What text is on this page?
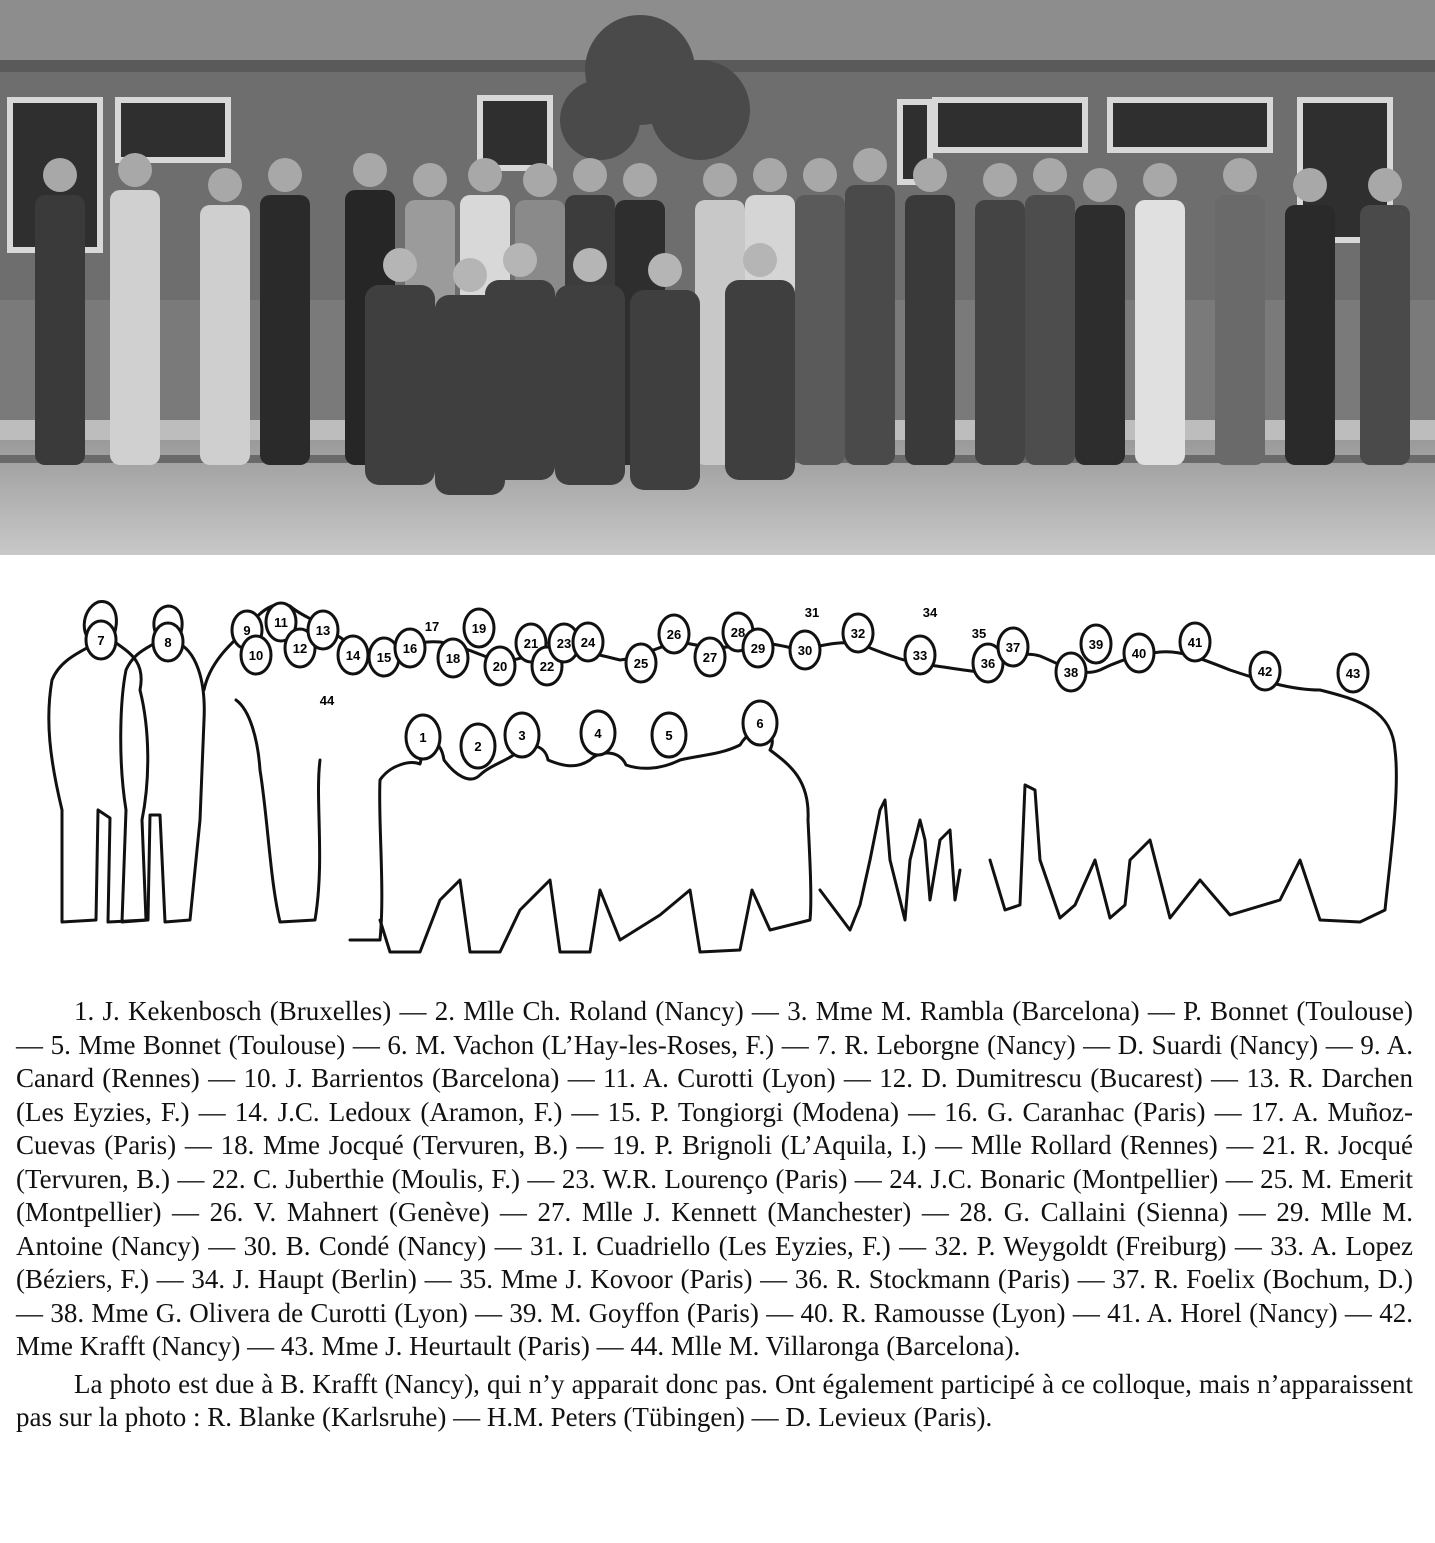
1
2
3	4	5
6
7	8
9
10
11
12
13
14 15
16
17
18
19
20
21
22
23 24
25
26
27
28
29	30
31
32
33
34
35
36
37
38
39
40
41
42	43
44

1. J. Kekenbosch (Bruxelles) — 2. Mlle Ch. Roland (Nancy) — 3. Mme M. Rambla (Barcelona) — P. Bonnet (Toulouse) — 5. Mme Bonnet (Toulouse) — 6. M. Vachon (L’Hay-les-Roses, F.) — 7. R. Leborgne (Nancy) — D. Suardi (Nancy) — 9. A. Canard (Rennes) — 10. J. Barrientos (Barcelona) — 11. A. Curotti (Lyon) — 12. D. Dumitrescu (Bucarest) — 13. R. Darchen (Les Eyzies, F.) — 14. J.C. Ledoux (Aramon, F.) — 15. P. Tongiorgi (Modena) — 16. G. Caranhac (Paris) — 17. A. Muñoz-Cuevas (Paris) — 18. Mme Jocqué (Tervuren, B.) — 19. P. Brignoli (L’Aquila, I.) — Mlle Rollard (Rennes) — 21. R. Jocqué (Tervuren, B.) — 22. C. Juberthie (Moulis, F.) — 23. W.R. Lourenço (Paris) — 24. J.C. Bonaric (Montpellier) — 25. M. Emerit (Montpellier) — 26. V. Mahnert (Genève) — 27. Mlle J. Kennett (Manchester) — 28. G. Callaini (Sienna) — 29. Mlle M. Antoine (Nancy) — 30. B. Condé (Nancy) — 31. I. Cuadriello (Les Eyzies, F.) — 32. P. Weygoldt (Freiburg) — 33. A. Lopez (Béziers, F.) — 34. J. Haupt (Berlin) — 35. Mme J. Kovoor (Paris) — 36. R. Stockmann (Paris) — 37. R. Foelix (Bochum, D.) — 38. Mme G. Olivera de Curotti (Lyon) — 39. M. Goyffon (Paris) — 40. R. Ramousse (Lyon) — 41. A. Horel (Nancy) — 42. Mme Krafft (Nancy) — 43. Mme J. Heurtault (Paris) — 44. Mlle M. Villaronga (Barcelona).

La photo est due à B. Krafft (Nancy), qui n’y apparait donc pas. Ont également participé à ce colloque, mais n’apparaissent pas sur la photo : R. Blanke (Karlsruhe) — H.M. Peters (Tübingen) — D. Levieux (Paris).
